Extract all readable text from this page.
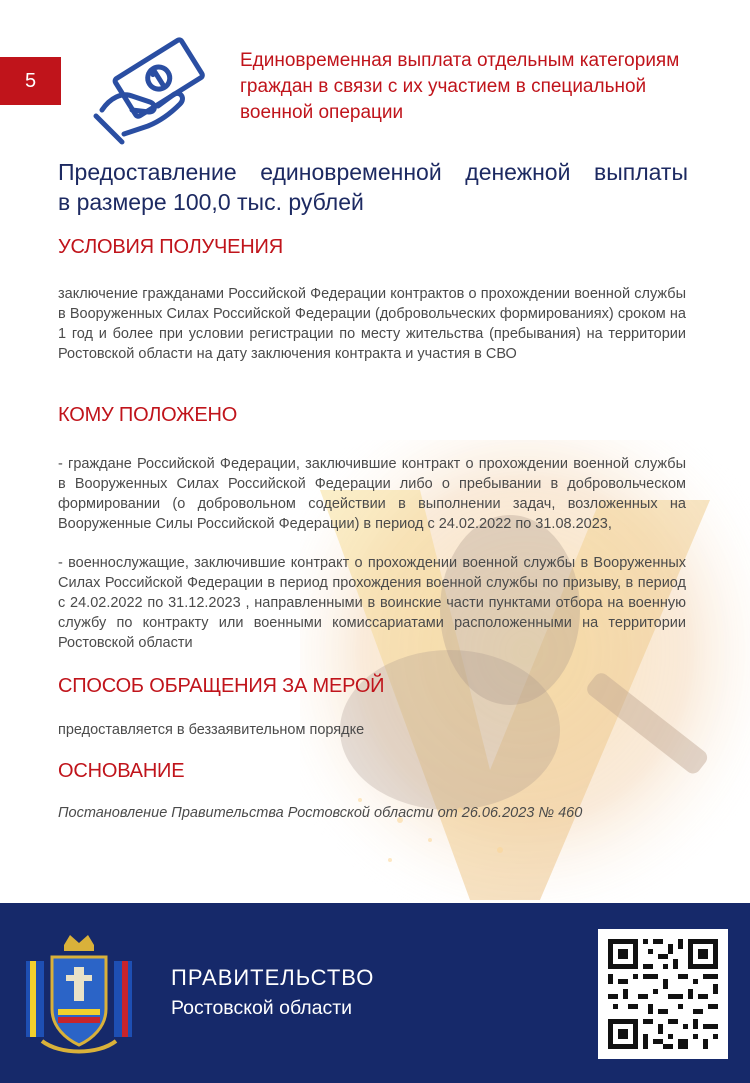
5
Единовременная выплата отдельным категориям граждан в связи с их участием в специальной военной операции
Предоставление единовременной денежной выплаты
в размере 100,0 тыс. рублей
УСЛОВИЯ ПОЛУЧЕНИЯ
заключение гражданами Российской Федерации контрактов о прохождении военной службы в Вооруженных Силах Российской Федерации (добровольческих формированиях) сроком на 1 год и более при условии регистрации по месту жительства (пребывания) на территории Ростовской области на дату заключения контракта и участия в СВО
КОМУ ПОЛОЖЕНО
- граждане Российской Федерации, заключившие контракт о прохождении военной службы в Вооруженных Силах Российской Федерации либо о пребывании в добровольческом формировании (о добровольном содействии в выполнении задач, возложенных на Вооруженные Силы Российской Федерации) в период с 24.02.2022 по 31.08.2023,
- военнослужащие, заключившие контракт о прохождении военной службы в Вооруженных Силах Российской Федерации в период прохождения военной службы по призыву, в период с 24.02.2022 по 31.12.2023 , направленными в воинские части пунктами отбора на военную службу по контракту или военными комиссариатами расположенными на территории Ростовской области
СПОСОБ ОБРАЩЕНИЯ ЗА МЕРОЙ
предоставляется в беззаявительном порядке
ОСНОВАНИЕ
Постановление Правительства Ростовской области от 26.06.2023 № 460
ПРАВИТЕЛЬСТВО
Ростовской области
